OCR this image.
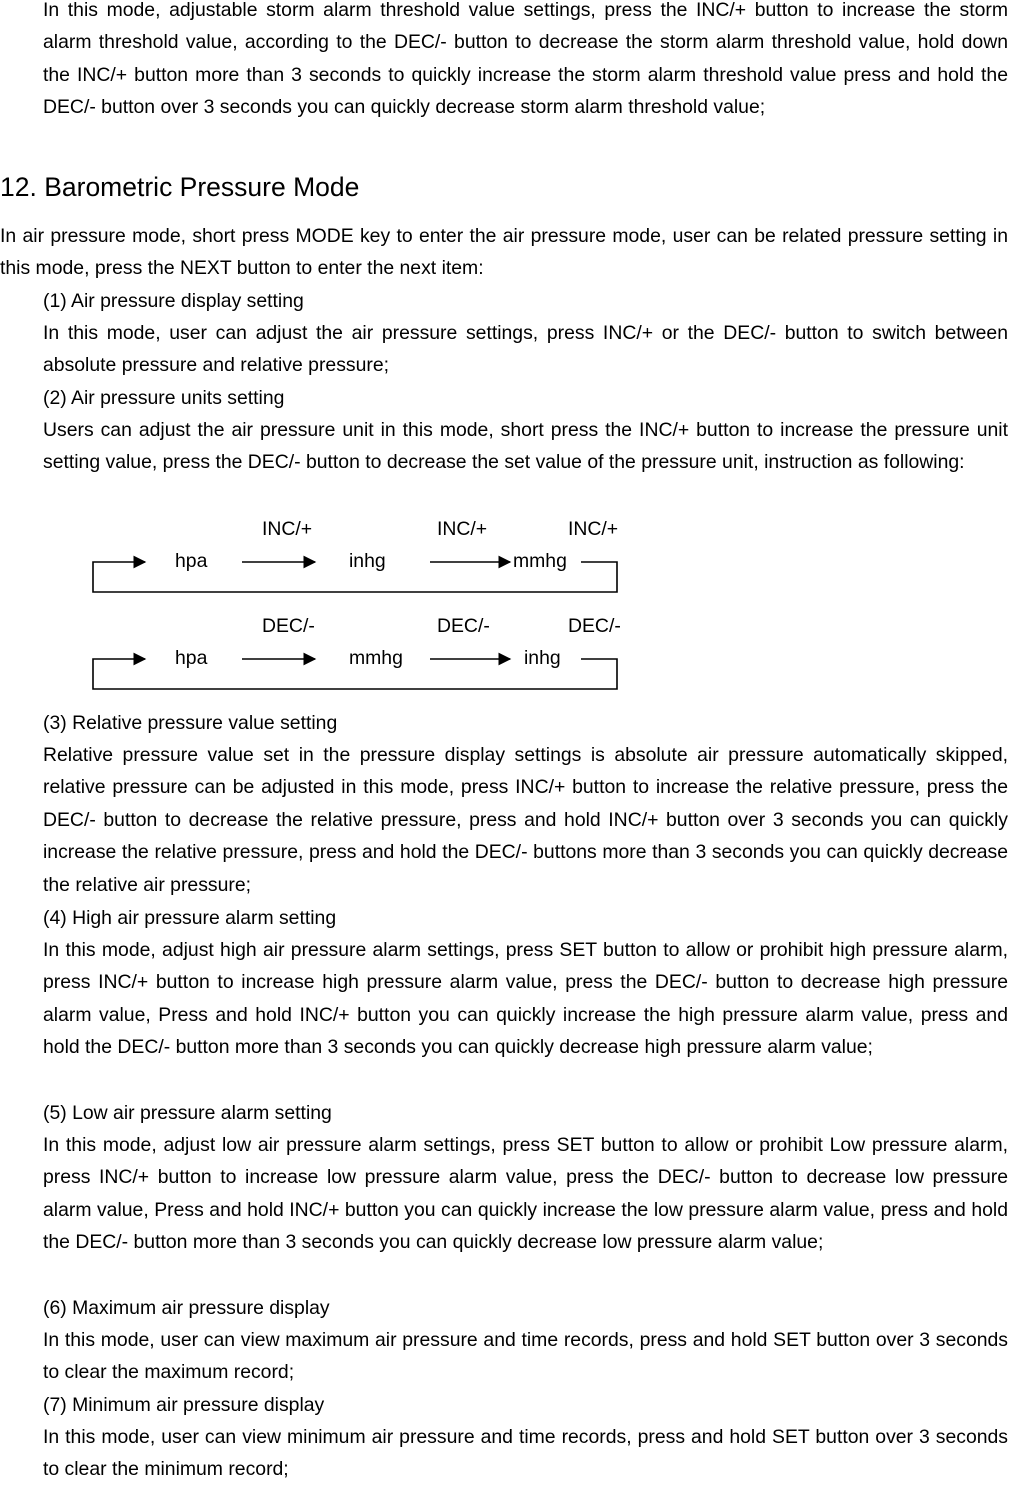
In this mode, adjustable storm alarm threshold value settings, press the INC/+ button to increase the storm alarm threshold value, according to the DEC/- button to decrease the storm alarm threshold value, hold down the INC/+ button more than 3 seconds to quickly increase the storm alarm threshold value press and hold the DEC/- button over 3 seconds you can quickly decrease storm alarm threshold value;

12. Barometric Pressure Mode

In air pressure mode, short press MODE key to enter the air pressure mode, user can be related pressure setting in this mode, press the NEXT button to enter the next item:

(1) Air pressure display setting

In this mode, user can adjust the air pressure settings, press INC/+ or the DEC/- button to switch between absolute pressure and relative pressure;

(2) Air pressure units setting

Users can adjust the air pressure unit in this mode, short press the INC/+ button to increase the pressure unit setting value, press the DEC/- button to decrease the set value of the pressure unit, instruction as following:

INC/+	INC/+	INC/+
hpa	inhg	mmhg
DEC/-	DEC/-	DEC/-
hpa	mmhg	inhg

(3) Relative pressure value setting

Relative pressure value set in the pressure display settings is absolute air pressure automatically skipped, relative pressure can be adjusted in this mode, press INC/+ button to increase the relative pressure, press the DEC/- button to decrease the relative pressure, press and hold INC/+ button over 3 seconds you can quickly increase the relative pressure, press and hold the DEC/- buttons more than 3 seconds you can quickly decrease the relative air pressure;

(4) High air pressure alarm setting

In this mode, adjust high air pressure alarm settings, press SET button to allow or prohibit high pressure alarm, press INC/+ button to increase high pressure alarm value, press the DEC/- button to decrease high pressure alarm value, Press and hold INC/+ button you can quickly increase the high pressure alarm value, press and hold the DEC/- button more than 3 seconds you can quickly decrease high pressure alarm value;

(5) Low air pressure alarm setting

In this mode, adjust low air pressure alarm settings, press SET button to allow or prohibit Low pressure alarm, press INC/+ button to increase low pressure alarm value, press the DEC/- button to decrease low pressure alarm value, Press and hold INC/+ button you can quickly increase the low pressure alarm value, press and hold the DEC/- button more than 3 seconds you can quickly decrease low pressure alarm value;

(6) Maximum air pressure display

In this mode, user can view maximum air pressure and time records, press and hold SET button over 3 seconds to clear the maximum record;

(7) Minimum air pressure display

In this mode, user can view minimum air pressure and time records, press and hold SET button over 3 seconds to clear the minimum record;
